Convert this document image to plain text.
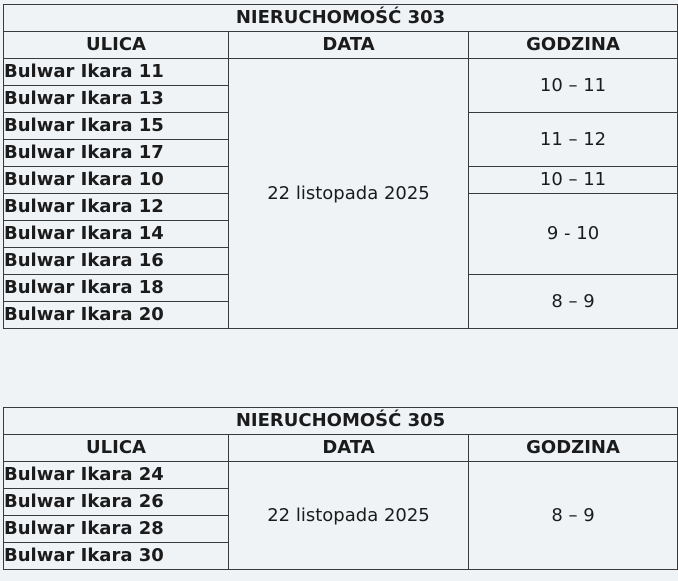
NIERUCHOMOŚĆ 303		
ULICA	DATA	GODZINA
Bulwar Ikara 11	22 listopada 2025	10 – 11
Bulwar Ikara 13		
Bulwar Ikara 15		11 – 12
Bulwar Ikara 17		
Bulwar Ikara 10		10 – 11
Bulwar Ikara 12		9 - 10
Bulwar Ikara 14		
Bulwar Ikara 16		
Bulwar Ikara 18		8 – 9
Bulwar Ikara 20		
NIERUCHOMOŚĆ 305		
ULICA	DATA	GODZINA
Bulwar Ikara 24	22 listopada 2025	8 – 9
Bulwar Ikara 26		
Bulwar Ikara 28		
Bulwar Ikara 30		
